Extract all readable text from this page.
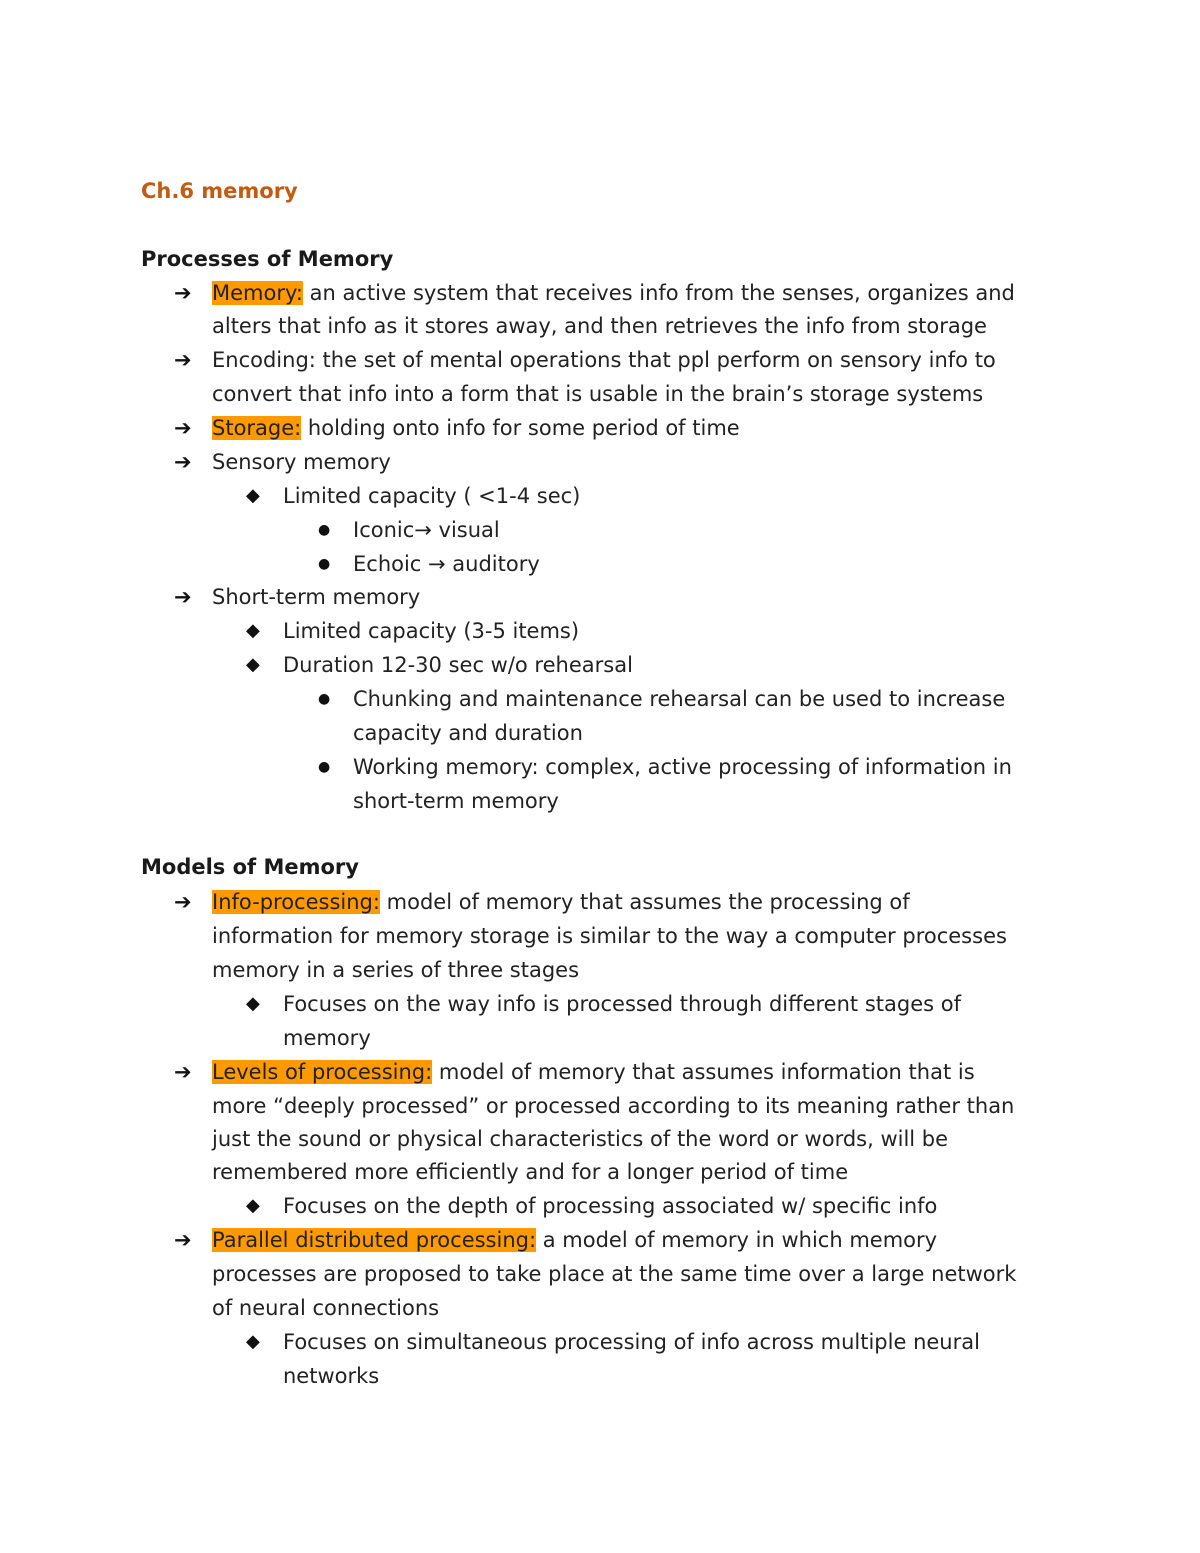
Ch.6 memory
Processes of Memory
➔ Memory: an active system that receives info from the senses, organizes and
alters that info as it stores away, and then retrieves the info from storage
➔ Encoding: the set of mental operations that ppl perform on sensory info to
convert that info into a form that is usable in the brain’s storage systems
➔ Storage: holding onto info for some period of time
➔ Sensory memory
◆ Limited capacity ( <1-4 sec)
● Iconic→ visual
● Echoic → auditory
➔ Short-term memory
◆ Limited capacity (3-5 items)
◆ Duration 12-30 sec w/o rehearsal
● Chunking and maintenance rehearsal can be used to increase
capacity and duration
● Working memory: complex, active processing of information in
short-term memory
Models of Memory
➔ Info-processing: model of memory that assumes the processing of
information for memory storage is similar to the way a computer processes
memory in a series of three stages
◆ Focuses on the way info is processed through different stages of
memory
➔ Levels of processing: model of memory that assumes information that is
more “deeply processed” or processed according to its meaning rather than
just the sound or physical characteristics of the word or words, will be
remembered more efficiently and for a longer period of time
◆ Focuses on the depth of processing associated w/ specific info
➔ Parallel distributed processing: a model of memory in which memory
processes are proposed to take place at the same time over a large network
of neural connections
◆ Focuses on simultaneous processing of info across multiple neural
networks
